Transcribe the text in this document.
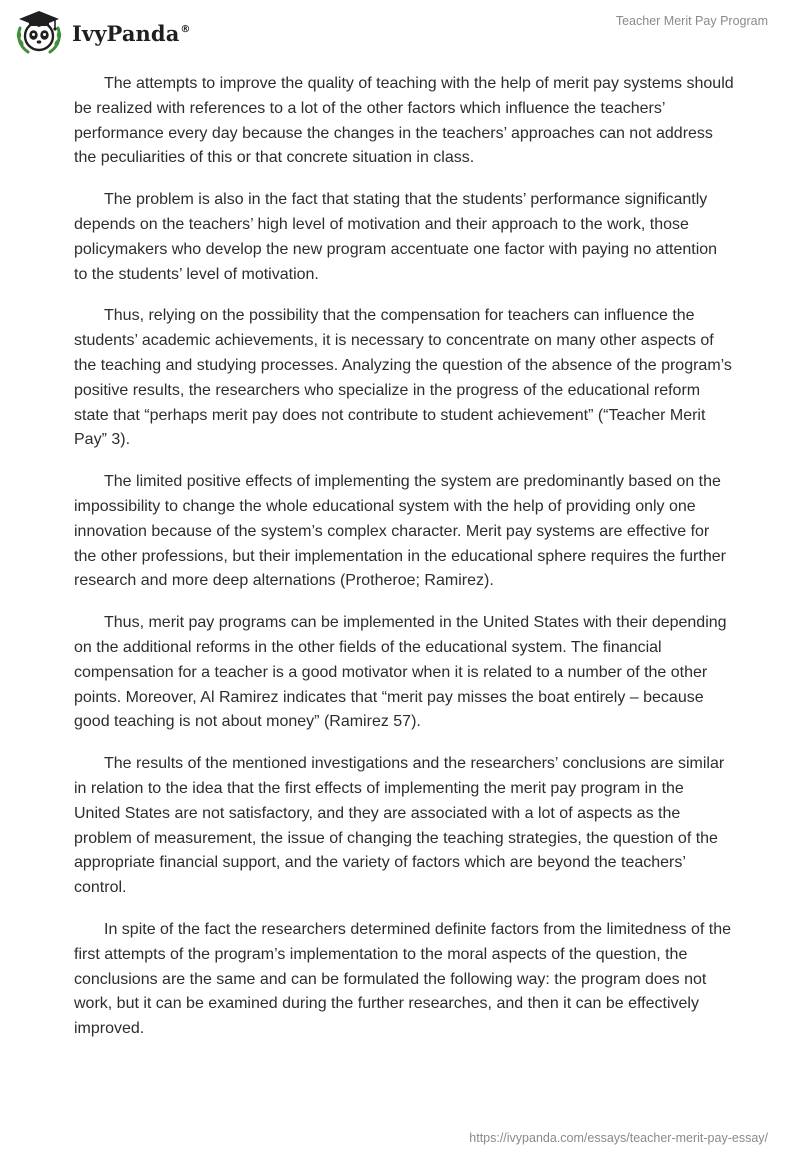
IvyPanda®
Teacher Merit Pay Program

The attempts to improve the quality of teaching with the help of merit pay systems should be realized with references to a lot of the other factors which influence the teachers’ performance every day because the changes in the teachers’ approaches can not address the peculiarities of this or that concrete situation in class.

The problem is also in the fact that stating that the students’ performance significantly depends on the teachers’ high level of motivation and their approach to the work, those policymakers who develop the new program accentuate one factor with paying no attention to the students’ level of motivation.

Thus, relying on the possibility that the compensation for teachers can influence the students’ academic achievements, it is necessary to concentrate on many other aspects of the teaching and studying processes. Analyzing the question of the absence of the program’s positive results, the researchers who specialize in the progress of the educational reform state that “perhaps merit pay does not contribute to student achievement” (“Teacher Merit Pay” 3).

The limited positive effects of implementing the system are predominantly based on the impossibility to change the whole educational system with the help of providing only one innovation because of the system’s complex character. Merit pay systems are effective for the other professions, but their implementation in the educational sphere requires the further research and more deep alternations (Protheroe; Ramirez).

Thus, merit pay programs can be implemented in the United States with their depending on the additional reforms in the other fields of the educational system. The financial compensation for a teacher is a good motivator when it is related to a number of the other points. Moreover, Al Ramirez indicates that “merit pay misses the boat entirely – because good teaching is not about money” (Ramirez 57).

The results of the mentioned investigations and the researchers’ conclusions are similar in relation to the idea that the first effects of implementing the merit pay program in the United States are not satisfactory, and they are associated with a lot of aspects as the problem of measurement, the issue of changing the teaching strategies, the question of the appropriate financial support, and the variety of factors which are beyond the teachers’ control.

In spite of the fact the researchers determined definite factors from the limitedness of the first attempts of the program’s implementation to the moral aspects of the question, the conclusions are the same and can be formulated the following way: the program does not work, but it can be examined during the further researches, and then it can be effectively improved.

https://ivypanda.com/essays/teacher-merit-pay-essay/
